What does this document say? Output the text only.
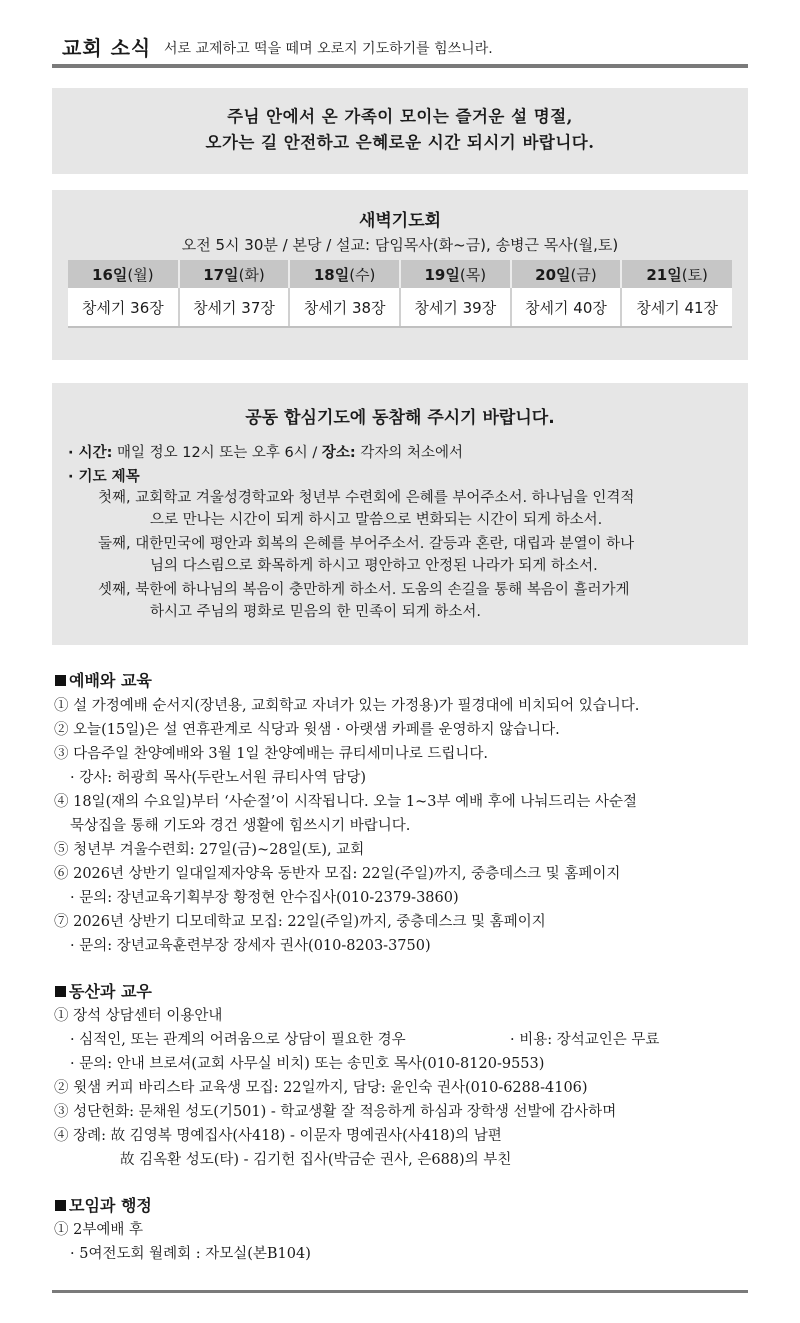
교회 소식 서로 교제하고 떡을 떼며 오로지 기도하기를 힘쓰니라.
주님 안에서 온 가족이 모이는 즐거운 설 명절,
오가는 길 안전하고 은혜로운 시간 되시기 바랍니다.
새벽기도회
오전 5시 30분 / 본당 / 설교: 담임목사(화~금), 송병근 목사(월,토)
16일(월)	17일(화)	18일(수)	19일(목)	20일(금)	21일(토)
창세기 36장	창세기 37장	창세기 38장	창세기 39장	창세기 40장	창세기 41장
공동 합심기도에 동참해 주시기 바랍니다.
· 시간: 매일 정오 12시 또는 오후 6시 / 장소: 각자의 처소에서
· 기도 제목
첫째, 교회학교 겨울성경학교와 청년부 수련회에 은혜를 부어주소서. 하나님을 인격적
으로 만나는 시간이 되게 하시고 말씀으로 변화되는 시간이 되게 하소서.
둘째, 대한민국에 평안과 회복의 은혜를 부어주소서. 갈등과 혼란, 대립과 분열이 하나
님의 다스림으로 화목하게 하시고 평안하고 안정된 나라가 되게 하소서.
셋째, 북한에 하나님의 복음이 충만하게 하소서. 도움의 손길을 통해 복음이 흘러가게
하시고 주님의 평화로 믿음의 한 민족이 되게 하소서.
예배와 교육
① 설 가정예배 순서지(장년용, 교회학교 자녀가 있는 가정용)가 필경대에 비치되어 있습니다.
② 오늘(15일)은 설 연휴관계로 식당과 윗샘 · 아랫샘 카페를 운영하지 않습니다.
③ 다음주일 찬양예배와 3월 1일 찬양예배는 큐티세미나로 드립니다.
· 강사: 허광희 목사(두란노서원 큐티사역 담당)
④ 18일(재의 수요일)부터 ‘사순절’이 시작됩니다. 오늘 1~3부 예배 후에 나눠드리는 사순절
묵상집을 통해 기도와 경건 생활에 힘쓰시기 바랍니다.
⑤ 청년부 겨울수련회: 27일(금)~28일(토), 교회
⑥ 2026년 상반기 일대일제자양육 동반자 모집: 22일(주일)까지, 중층데스크 및 홈페이지
· 문의: 장년교육기획부장 황정현 안수집사(010-2379-3860)
⑦ 2026년 상반기 디모데학교 모집: 22일(주일)까지, 중층데스크 및 홈페이지
· 문의: 장년교육훈련부장 장세자 권사(010-8203-3750)
동산과 교우
① 장석 상담센터 이용안내
· 심적인, 또는 관계의 어려움으로 상담이 필요한 경우	· 비용: 장석교인은 무료
· 문의: 안내 브로셔(교회 사무실 비치) 또는 송민호 목사(010-8120-9553)
② 윗샘 커피 바리스타 교육생 모집: 22일까지, 담당: 윤인숙 권사(010-6288-4106)
③ 성단헌화: 문채원 성도(기501) - 학교생활 잘 적응하게 하심과 장학생 선발에 감사하며
④ 장례: 故 김영복 명예집사(사418) - 이문자 명예권사(사418)의 남편
故 김옥환 성도(타) - 김기헌 집사(박금순 권사, 은688)의 부친
모임과 행정
① 2부예배 후
· 5여전도회 월례회 : 자모실(본B104)
